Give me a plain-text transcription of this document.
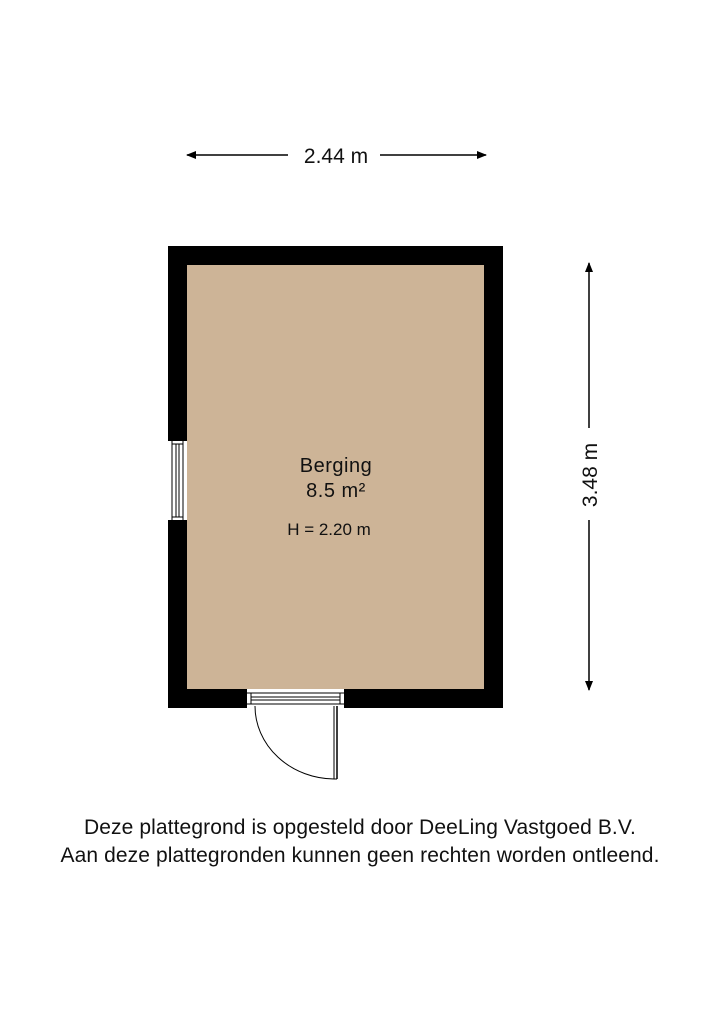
2.44 m
3.48 m
Berging
8.5 m²
H = 2.20 m
Deze plattegrond is opgesteld door DeeLing Vastgoed B.V.
Aan deze plattegronden kunnen geen rechten worden ontleend.
